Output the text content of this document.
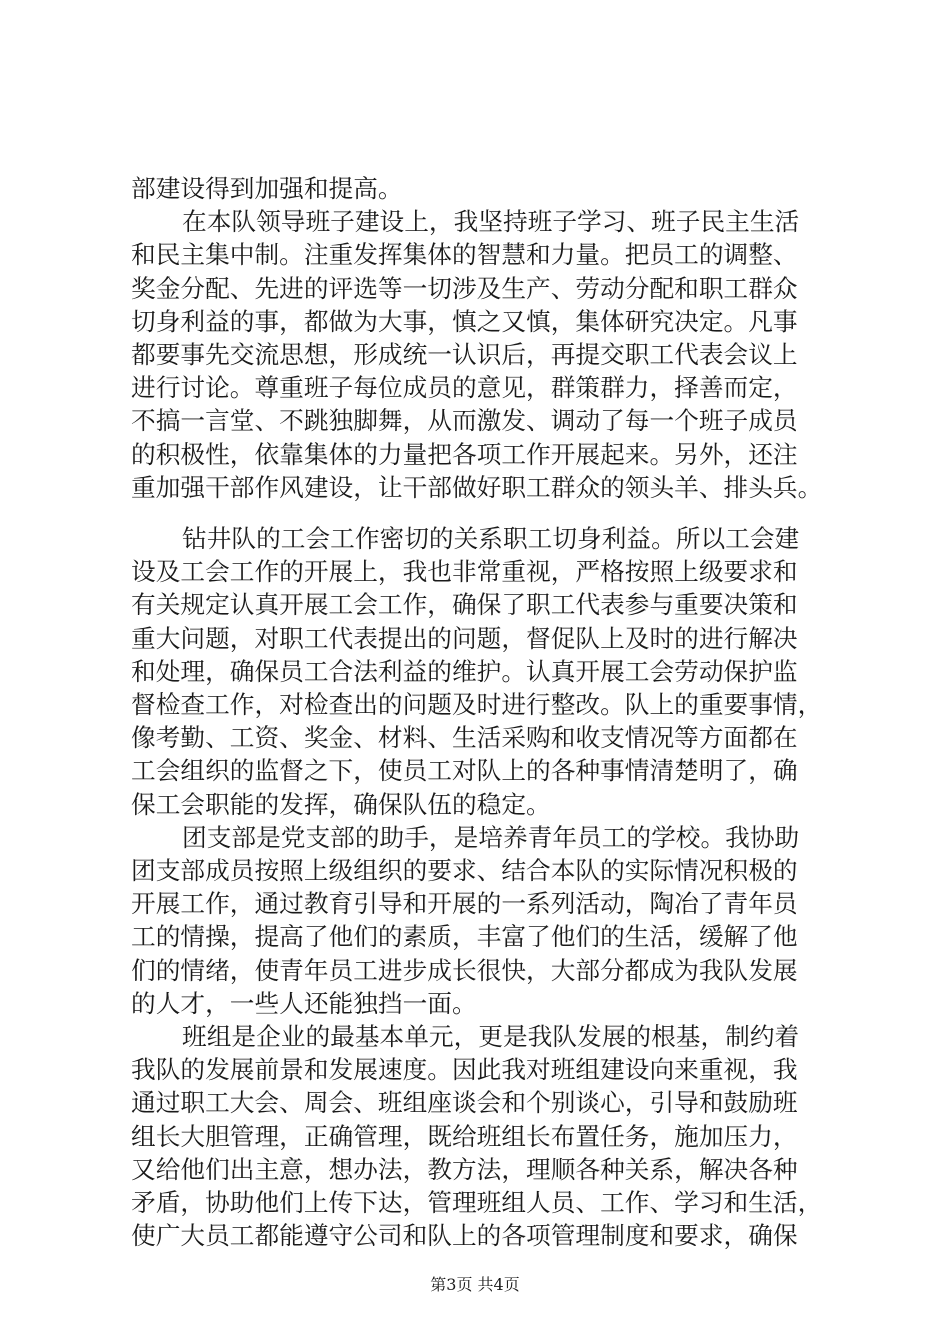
部建设得到加强和提高。
在本队领导班子建设上，我坚持班子学习、班子民主生活
和民主集中制。注重发挥集体的智慧和力量。把员工的调整、
奖金分配、先进的评选等一切涉及生产、劳动分配和职工群众
切身利益的事，都做为大事，慎之又慎，集体研究决定。凡事
都要事先交流思想，形成统一认识后，再提交职工代表会议上
进行讨论。尊重班子每位成员的意见，群策群力，择善而定，
不搞一言堂、不跳独脚舞，从而激发、调动了每一个班子成员
的积极性，依靠集体的力量把各项工作开展起来。另外，还注
重加强干部作风建设，让干部做好职工群众的领头羊、排头兵。
钻井队的工会工作密切的关系职工切身利益。所以工会建
设及工会工作的开展上，我也非常重视，严格按照上级要求和
有关规定认真开展工会工作，确保了职工代表参与重要决策和
重大问题，对职工代表提出的问题，督促队上及时的进行解决
和处理，确保员工合法利益的维护。认真开展工会劳动保护监
督检查工作，对检查出的问题及时进行整改。队上的重要事情，
像考勤、工资、奖金、材料、生活采购和收支情况等方面都在
工会组织的监督之下，使员工对队上的各种事情清楚明了，确
保工会职能的发挥，确保队伍的稳定。
团支部是党支部的助手，是培养青年员工的学校。我协助
团支部成员按照上级组织的要求、结合本队的实际情况积极的
开展工作，通过教育引导和开展的一系列活动，陶冶了青年员
工的情操，提高了他们的素质，丰富了他们的生活，缓解了他
们的情绪，使青年员工进步成长很快，大部分都成为我队发展
的人才，一些人还能独挡一面。
班组是企业的最基本单元，更是我队发展的根基，制约着
我队的发展前景和发展速度。因此我对班组建设向来重视，我
通过职工大会、周会、班组座谈会和个别谈心，引导和鼓励班
组长大胆管理，正确管理，既给班组长布置任务，施加压力，
又给他们出主意，想办法，教方法，理顺各种关系，解决各种
矛盾，协助他们上传下达，管理班组人员、工作、学习和生活，
使广大员工都能遵守公司和队上的各项管理制度和要求，确保
第3页 共4页
